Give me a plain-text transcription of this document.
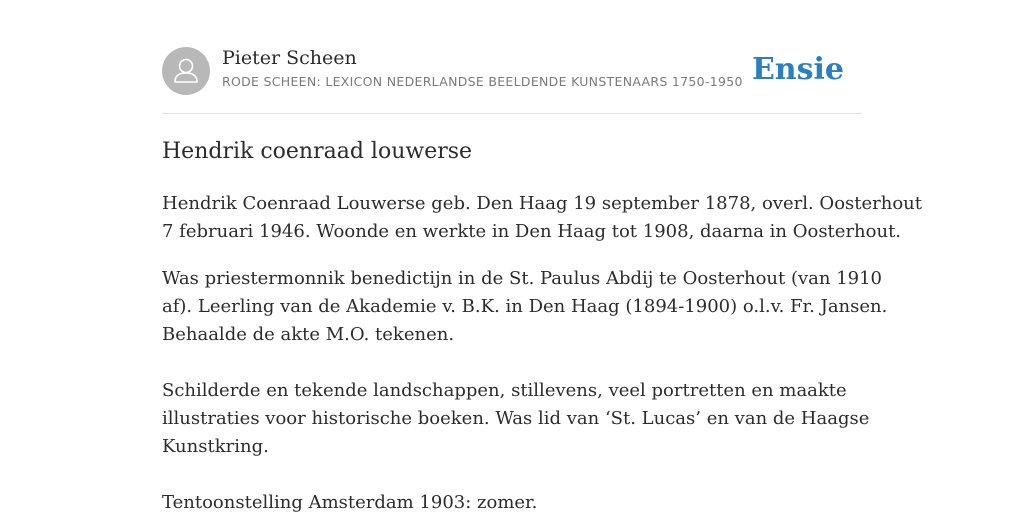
Pieter Scheen
RODE SCHEEN: LEXICON NEDERLANDSE BEELDENDE KUNSTENAARS 1750-1950 Ensie
Hendrik coenraad louwerse
Hendrik Coenraad Louwerse geb. Den Haag 19 september 1878, overl. Oosterhout
7 februari 1946. Woonde en werkte in Den Haag tot 1908, daarna in Oosterhout.
Was priestermonnik benedictijn in de St. Paulus Abdij te Oosterhout (van 1910
af). Leerling van de Akademie v. B.K. in Den Haag (1894-1900) o.l.v. Fr. Jansen.
Behaalde de akte M.O. tekenen.
Schilderde en tekende landschappen, stillevens, veel portretten en maakte
illustraties voor historische boeken. Was lid van ‘St. Lucas’ en van de Haagse
Kunstkring.
Tentoonstelling Amsterdam 1903: zomer.
